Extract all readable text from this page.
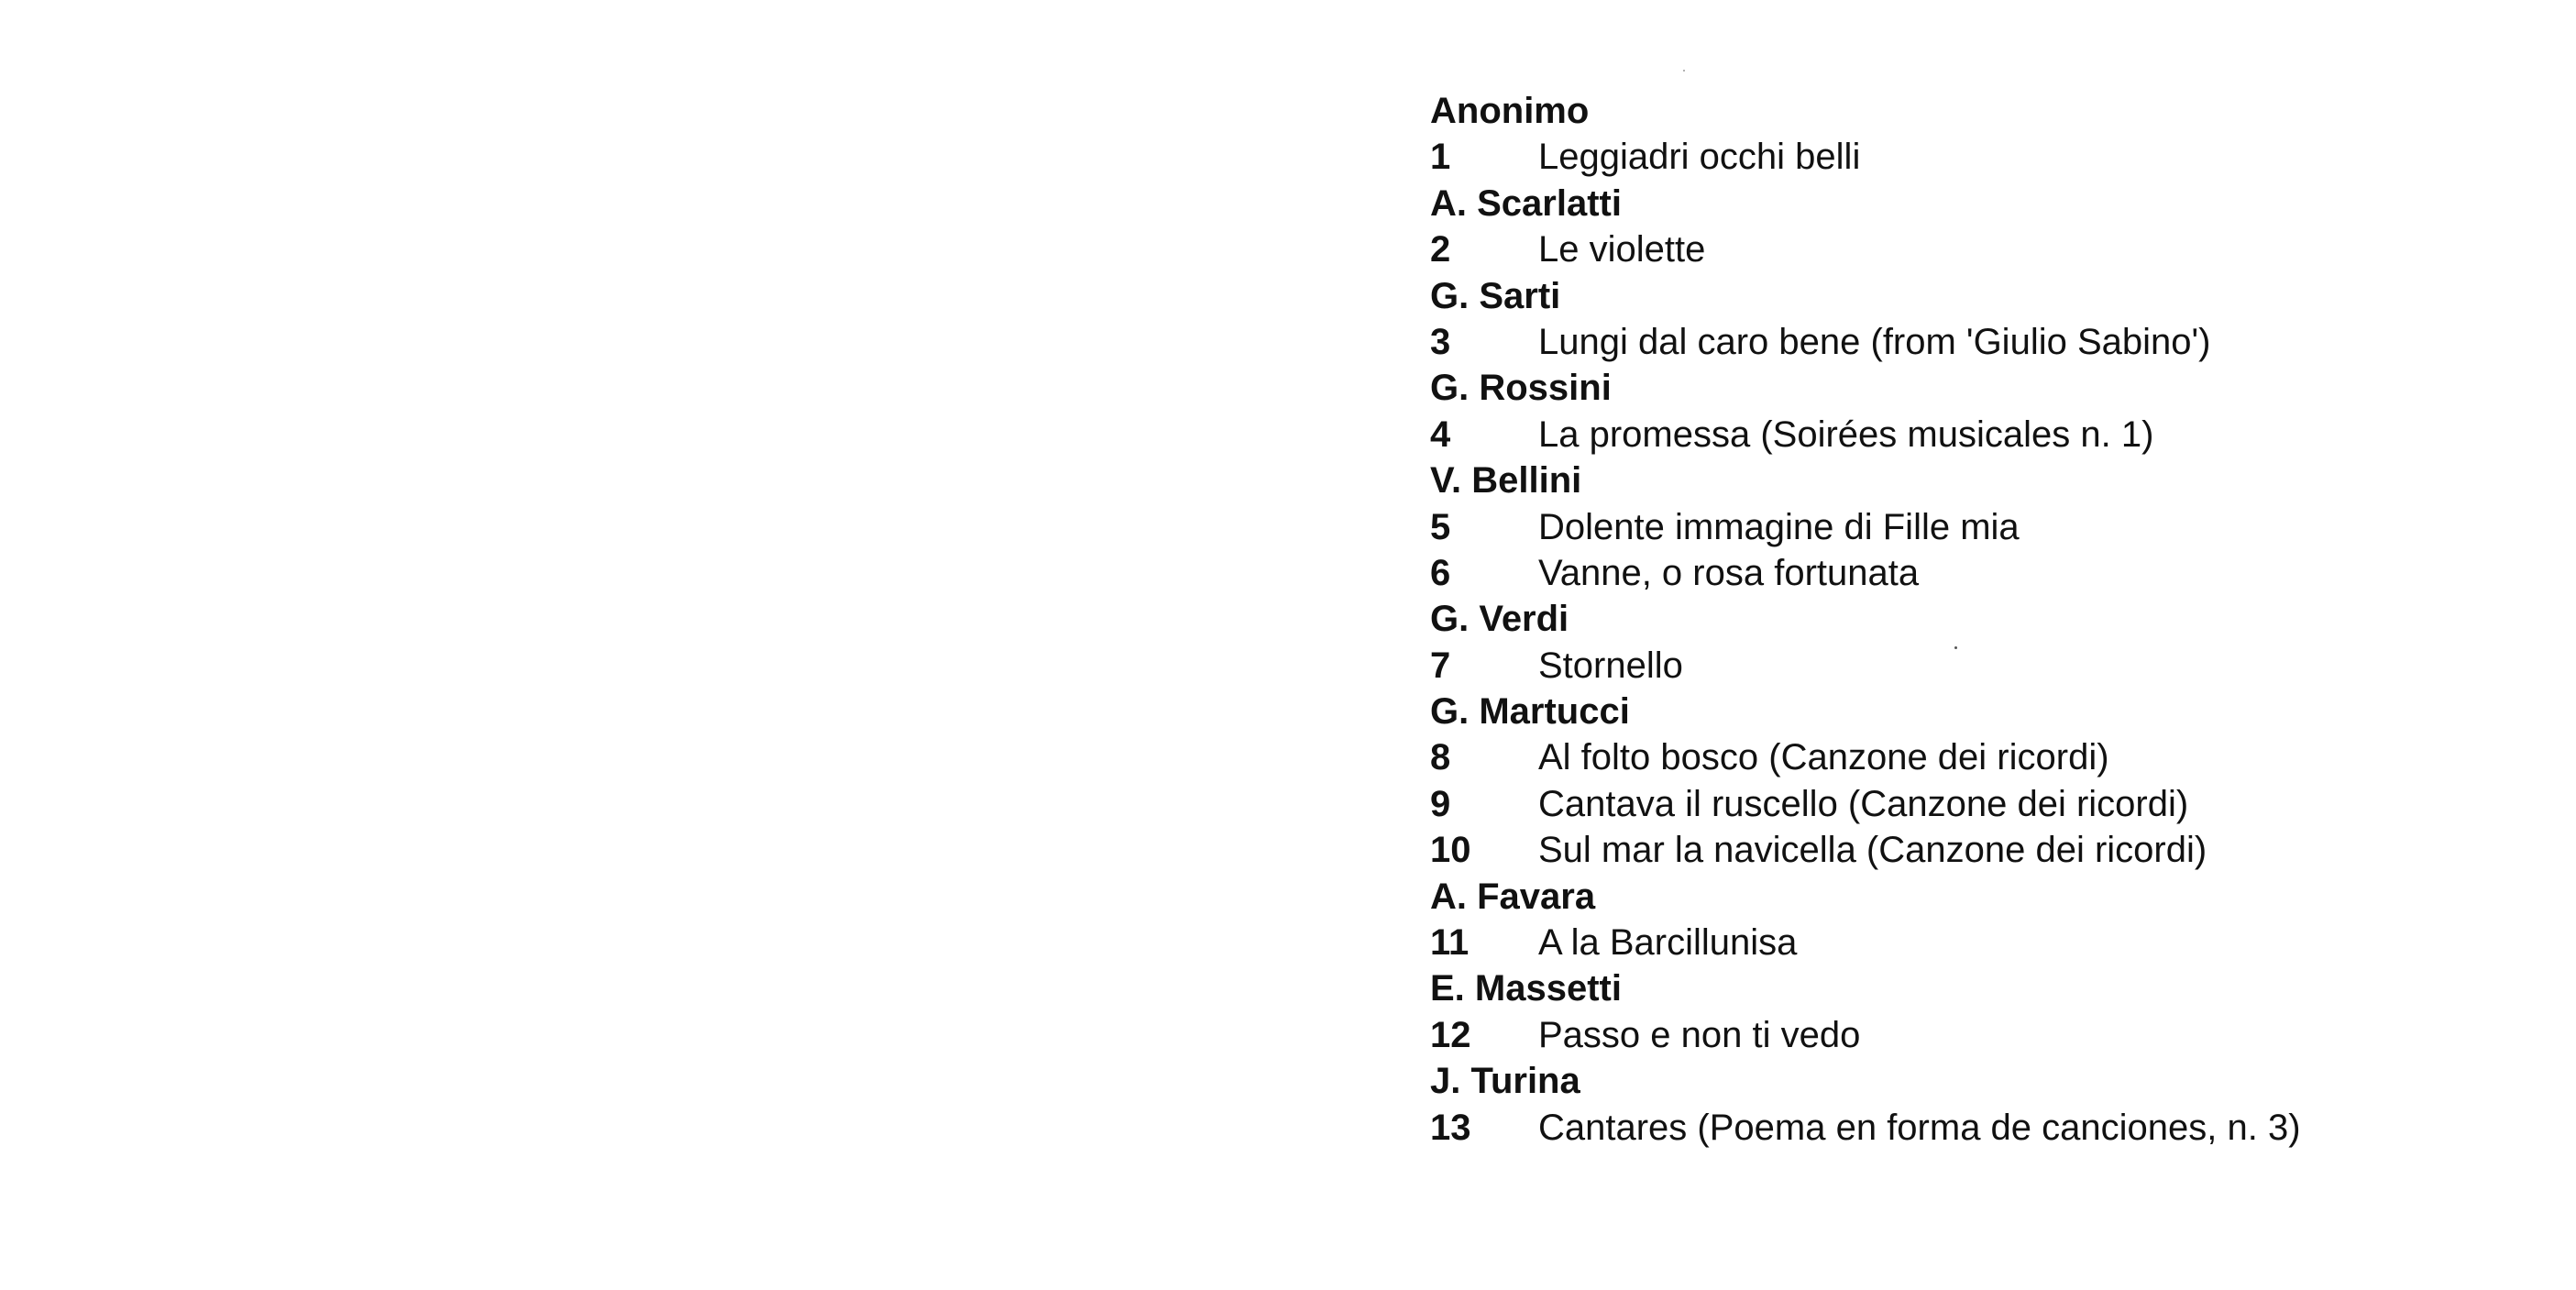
Anonimo
1	Leggiadri occhi belli
A. Scarlatti
2	Le violette
G. Sarti
3	Lungi dal caro bene (from 'Giulio Sabino')
G. Rossini
4	La promessa (Soirées musicales n. 1)
V. Bellini
5	Dolente immagine di Fille mia
6	Vanne, o rosa fortunata
G. Verdi
7	Stornello
G. Martucci
8	Al folto bosco (Canzone dei ricordi)
9	Cantava il ruscello (Canzone dei ricordi)
10	Sul mar la navicella (Canzone dei ricordi)
A. Favara
11	A la Barcillunisa
E. Massetti
12	Passo e non ti vedo
J. Turina
13	Cantares (Poema en forma de canciones, n. 3)
